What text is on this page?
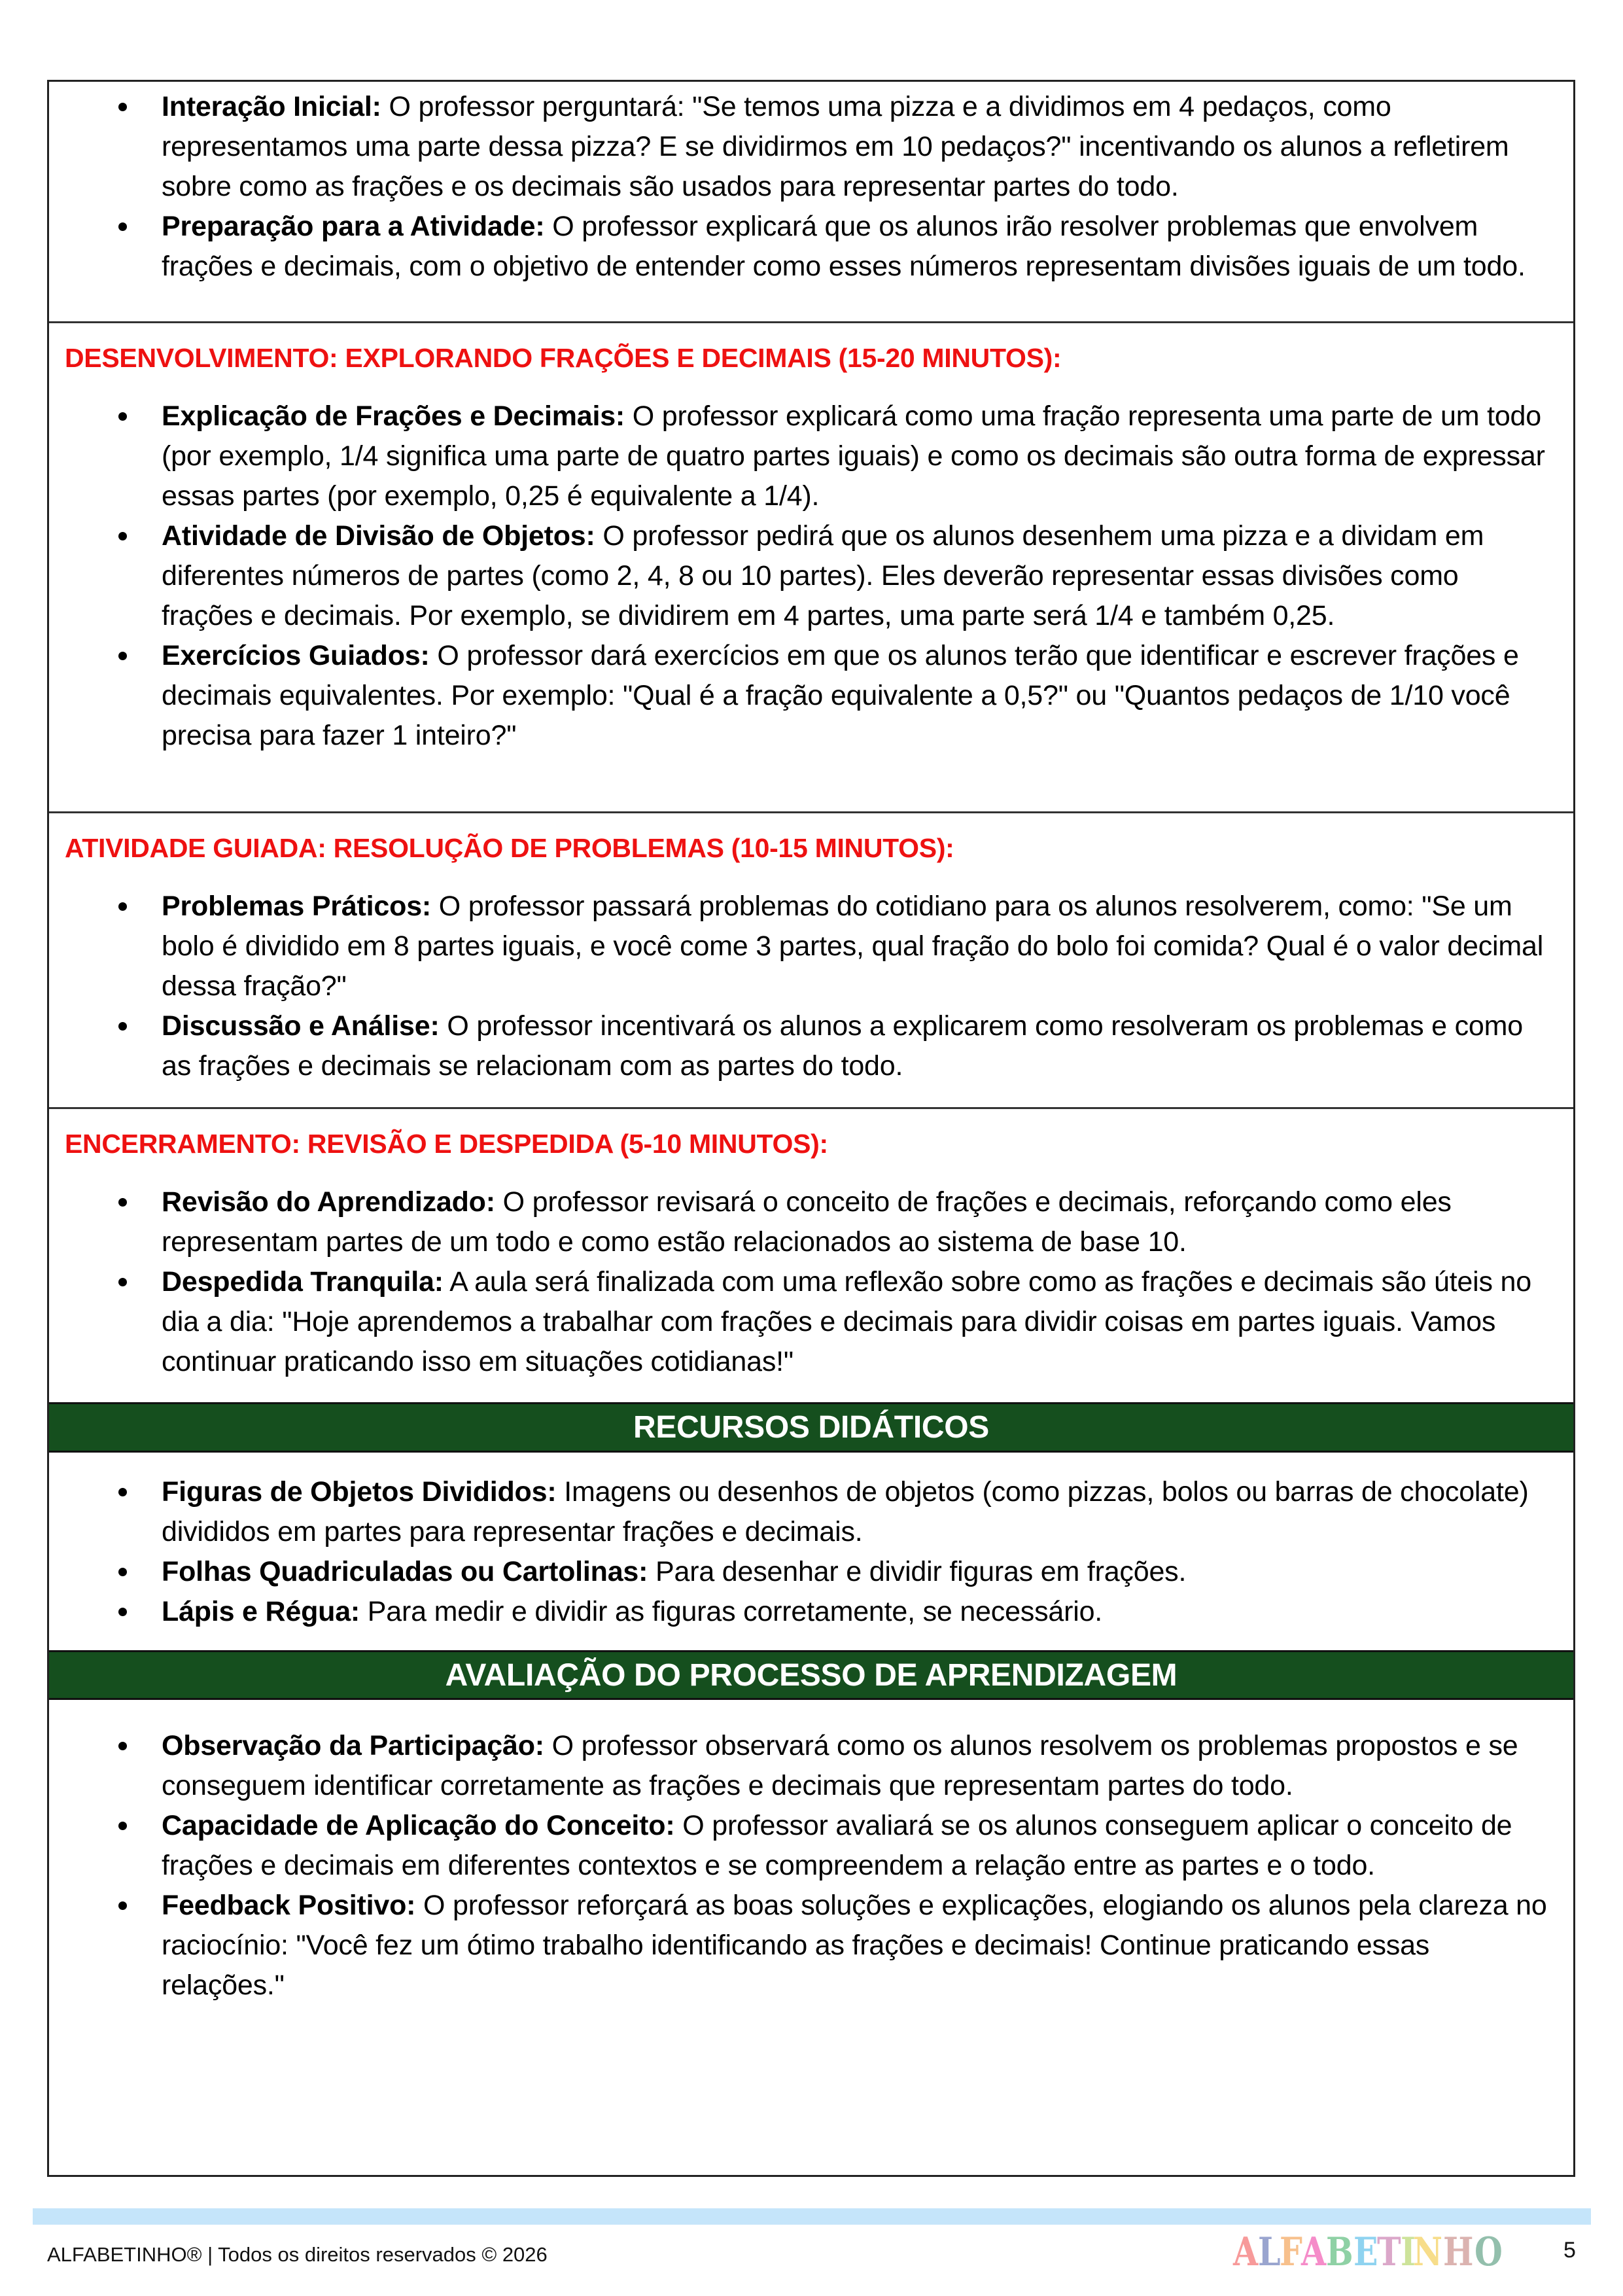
Interação Inicial: O professor perguntará: "Se temos uma pizza e a dividimos em 4 pedaços, como representamos uma parte dessa pizza? E se dividirmos em 10 pedaços?" incentivando os alunos a refletirem sobre como as frações e os decimais são usados para representar partes do todo.
Preparação para a Atividade: O professor explicará que os alunos irão resolver problemas que envolvem frações e decimais, com o objetivo de entender como esses números representam divisões iguais de um todo.
DESENVOLVIMENTO: EXPLORANDO FRAÇÕES E DECIMAIS (15-20 MINUTOS):
Explicação de Frações e Decimais: O professor explicará como uma fração representa uma parte de um todo (por exemplo, 1/4 significa uma parte de quatro partes iguais) e como os decimais são outra forma de expressar essas partes (por exemplo, 0,25 é equivalente a 1/4).
Atividade de Divisão de Objetos: O professor pedirá que os alunos desenhem uma pizza e a dividam em diferentes números de partes (como 2, 4, 8 ou 10 partes). Eles deverão representar essas divisões como frações e decimais. Por exemplo, se dividirem em 4 partes, uma parte será 1/4 e também 0,25.
Exercícios Guiados: O professor dará exercícios em que os alunos terão que identificar e escrever frações e decimais equivalentes. Por exemplo: "Qual é a fração equivalente a 0,5?" ou "Quantos pedaços de 1/10 você precisa para fazer 1 inteiro?"
ATIVIDADE GUIADA: RESOLUÇÃO DE PROBLEMAS (10-15 MINUTOS):
Problemas Práticos: O professor passará problemas do cotidiano para os alunos resolverem, como: "Se um bolo é dividido em 8 partes iguais, e você come 3 partes, qual fração do bolo foi comida? Qual é o valor decimal dessa fração?"
Discussão e Análise: O professor incentivará os alunos a explicarem como resolveram os problemas e como as frações e decimais se relacionam com as partes do todo.
ENCERRAMENTO: REVISÃO E DESPEDIDA (5-10 MINUTOS):
Revisão do Aprendizado: O professor revisará o conceito de frações e decimais, reforçando como eles representam partes de um todo e como estão relacionados ao sistema de base 10.
Despedida Tranquila: A aula será finalizada com uma reflexão sobre como as frações e decimais são úteis no dia a dia: "Hoje aprendemos a trabalhar com frações e decimais para dividir coisas em partes iguais. Vamos continuar praticando isso em situações cotidianas!"
RECURSOS DIDÁTICOS
Figuras de Objetos Divididos: Imagens ou desenhos de objetos (como pizzas, bolos ou barras de chocolate) divididos em partes para representar frações e decimais.
Folhas Quadriculadas ou Cartolinas: Para desenhar e dividir figuras em frações.
Lápis e Régua: Para medir e dividir as figuras corretamente, se necessário.
AVALIAÇÃO DO PROCESSO DE APRENDIZAGEM
Observação da Participação: O professor observará como os alunos resolvem os problemas propostos e se conseguem identificar corretamente as frações e decimais que representam partes do todo.
Capacidade de Aplicação do Conceito: O professor avaliará se os alunos conseguem aplicar o conceito de frações e decimais em diferentes contextos e se compreendem a relação entre as partes e o todo.
Feedback Positivo: O professor reforçará as boas soluções e explicações, elogiando os alunos pela clareza no raciocínio: "Você fez um ótimo trabalho identificando as frações e decimais! Continue praticando essas relações."
ALFABETINHO® | Todos os direitos reservados © 2026	ALFABETINHO	5
